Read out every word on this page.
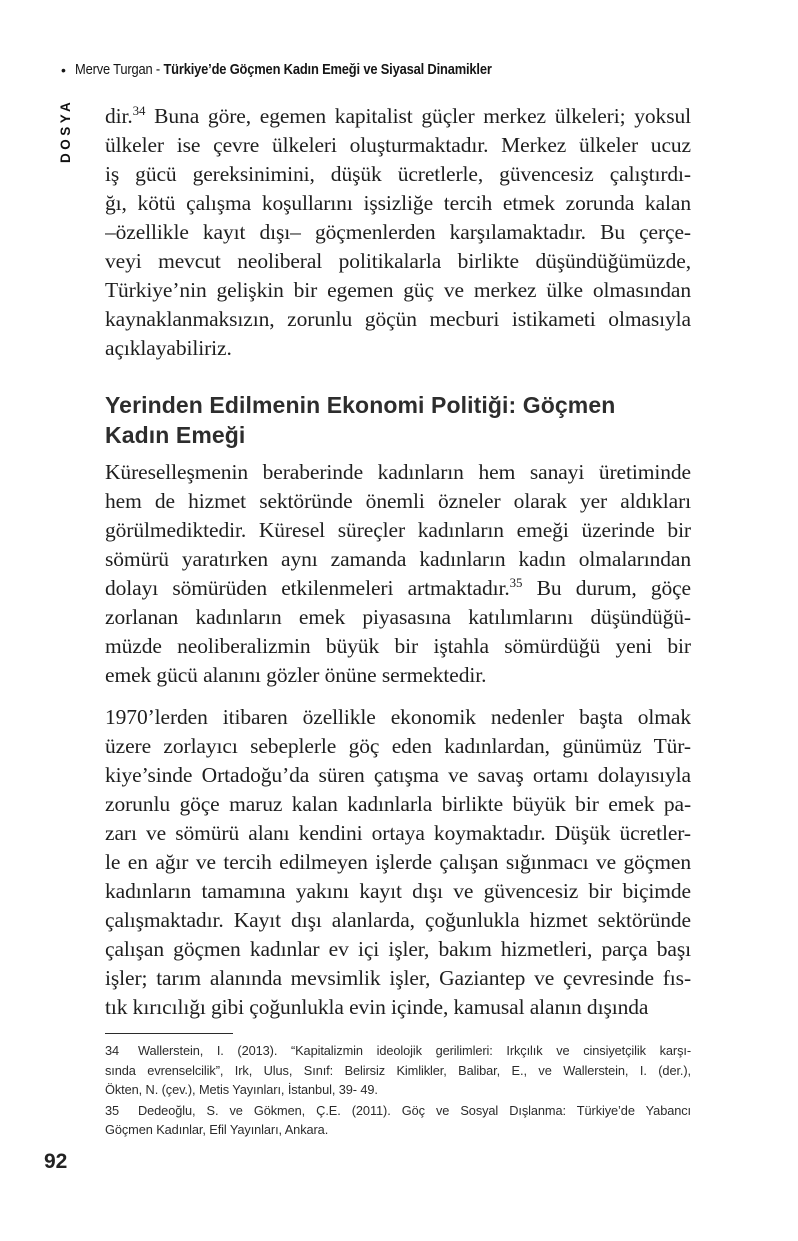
• Merve Turgan - Türkiye’de Göçmen Kadın Emeği ve Siyasal Dinamikler
DOSYA dir.$^{34}$ Buna göre, egemen kapitalist güçler merkez ülkeleri; yoksul
ülkeler ise çevre ülkeleri oluşturmaktadır. Merkez ülkeler ucuz
iş gücü gereksinimini, düşük ücretlerle, güvencesiz çalıştırdı-
ğı, kötü çalışma koşullarını işsizliğe tercih etmek zorunda kalan
–özellikle kayıt dışı– göçmenlerden karşılamaktadır. Bu çerçe-
veyi mevcut neoliberal politikalarla birlikte düşündüğümüzde,
Türkiye’nin gelişkin bir egemen güç ve merkez ülke olmasından
kaynaklanmaksızın, zorunlu göçün mecburi istikameti olmasıyla
açıklayabiliriz.
Yerinden Edilmenin Ekonomi Politiği: Göçmen
Kadın Emeği
Küreselleşmenin beraberinde kadınların hem sanayi üretiminde
hem de hizmet sektöründe önemli özneler olarak yer aldıkları
görülmediktedir. Küresel süreçler kadınların emeği üzerinde bir
sömürü yaratırken aynı zamanda kadınların kadın olmalarından
dolayı sömürüden etkilenmeleri artmaktadır.$^{35}$ Bu durum, göçe
zorlanan kadınların emek piyasasına katılımlarını düşündüğü-
müzde neoliberalizmin büyük bir iştahla sömürdüğü yeni bir
emek gücü alanını gözler önüne sermektedir.
1970’lerden itibaren özellikle ekonomik nedenler başta olmak
üzere zorlayıcı sebeplerle göç eden kadınlardan, günümüz Tür-
kiye’sinde Ortadoğu’da süren çatışma ve savaş ortamı dolayısıyla
zorunlu göçe maruz kalan kadınlarla birlikte büyük bir emek pa-
zarı ve sömürü alanı kendini ortaya koymaktadır. Düşük ücretler-
le en ağır ve tercih edilmeyen işlerde çalışan sığınmacı ve göçmen
kadınların tamamına yakını kayıt dışı ve güvencesiz bir biçimde
çalışmaktadır. Kayıt dışı alanlarda, çoğunlukla hizmet sektöründe
çalışan göçmen kadınlar ev içi işler, bakım hizmetleri, parça başı
işler; tarım alanında mevsimlik işler, Gaziantep ve çevresinde fıs-
tık kırıcılığı gibi çoğunlukla evin içinde, kamusal alanın dışında
34 Wallerstein, I. (2013). “Kapitalizmin ideolojik gerilimleri: Irkçılık ve cinsiyetçilik karşı-
sında evrenselcilik”, Irk, Ulus, Sınıf: Belirsiz Kimlikler, Balibar, E., ve Wallerstein, I. (der.),
Ökten, N. (çev.), Metis Yayınları, İstanbul, 39- 49.
35 Dedeoğlu, S. ve Gökmen, Ç.E. (2011). Göç ve Sosyal Dışlanma: Türkiye’de Yabancı
Göçmen Kadınlar, Efil Yayınları, Ankara.
92
